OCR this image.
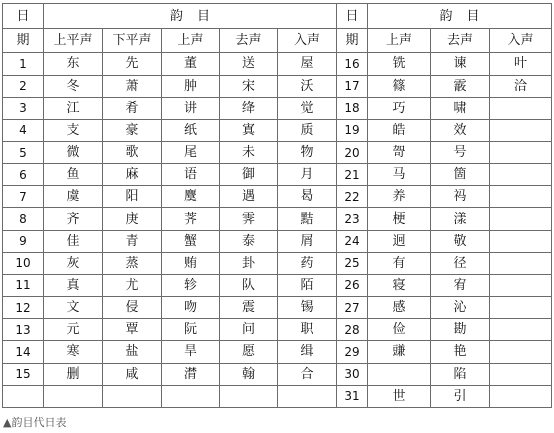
日	韵目					日	韵目		
期	上平声	下平声	上声	去声	入声	期	上声	去声	入声
1	东	先	董	送	屋	16	铣	谏	叶
2	冬	萧	肿	宋	沃	17	篠	霰	洽
3	江	肴	讲	绛	觉	18	巧	啸	
4	支	豪	纸	寘	质	19	皓	效	
5	微	歌	尾	未	物	20	哿	号	
6	鱼	麻	语	御	月	21	马	箇	
7	虞	阳	麌	遇	曷	22	养	祃	
8	齐	庚	荠	霁	黠	23	梗	漾	
9	佳	青	蟹	泰	屑	24	迥	敬	
10	灰	蒸	贿	卦	药	25	有	径	
11	真	尤	轸	队	陌	26	寝	宥	
12	文	侵	吻	震	锡	27	感	沁	
13	元	覃	阮	问	职	28	俭	勘	
14	寒	盐	旱	愿	缉	29	豏	艳	
15	删	咸	潸	翰	合	30		陷	
						31	世	引	
▲韵目代日表
